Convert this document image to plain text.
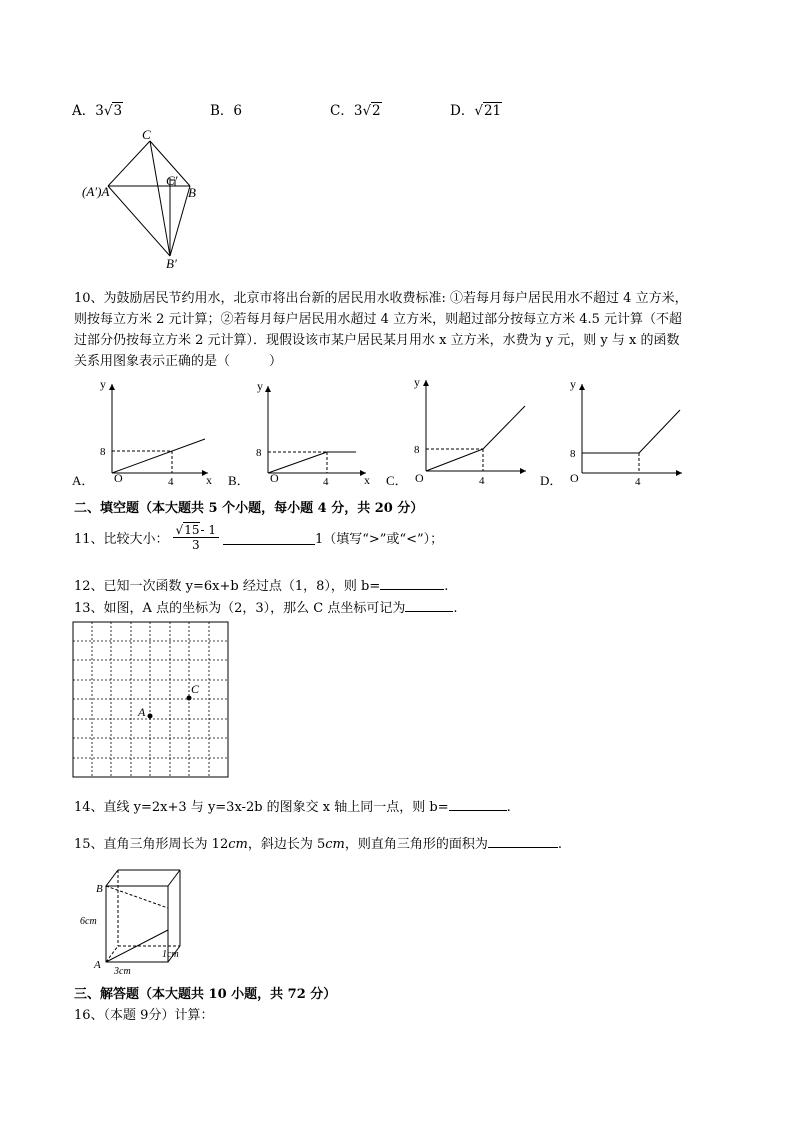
A．3√3	B．6	C．3√2	D．√21
C
(A′)A
C′
B
B′

10、为鼓励居民节约用水，北京市将出台新的居民用水收费标准: ①若每月每户居民用水不超过 4 立方米，

则按每立方米 2 元计算；②若每月每户居民用水超过 4 立方米，则超过部分按每立方米 4.5 元计算（不超

过部分仍按每立方米 2 元计算）．现假设该市某户居民某月用水 x 立方米，水费为 y 元，则 y 与 x 的函数

关系用图象表示正确的是（　　　）

y
x
8
4
O
A．
y
x
8
4
O
B．
y
8
4
O
C．
y
8
4
O
D．
二、填空题（本大题共 5 个小题，每小题 4 分，共 20 分）
11、比较大小： $\frac{√15- 1}{3}$	1（填写“>”或“<”）；
12、已知一次函数 y=6x+b 经过点（1，8），则 b=	.
13、如图，A 点的坐标为（2，3），那么 C 点坐标可记为	.
A
C
14、直线 y=2x+3 与 y=3x-2b 的图象交 x 轴上同一点，则 b=	.
15、直角三角形周长为 12cm，斜边长为 5cm，则直角三角形的面积为	.
B
A
6cm
3cm
1cm
三、解答题（本大题共 10 小题，共 72 分）
16、（本题 9分）计算：
